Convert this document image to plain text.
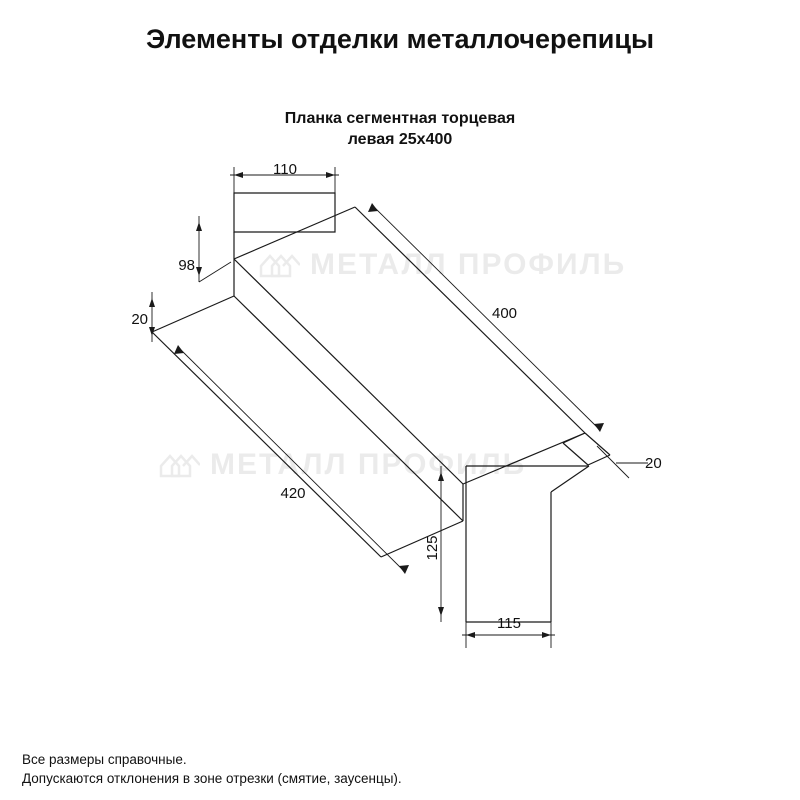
Элементы отделки металлочерепицы
Планка сегментная торцевая
левая 25х400
МЕТАЛЛ ПРОФИЛЬ
МЕТАЛЛ ПРОФИЛЬ
110
98
20	400
420
20
125
115
Все размеры справочные.
Допускаются отклонения в зоне отрезки (смятие, заусенцы).
